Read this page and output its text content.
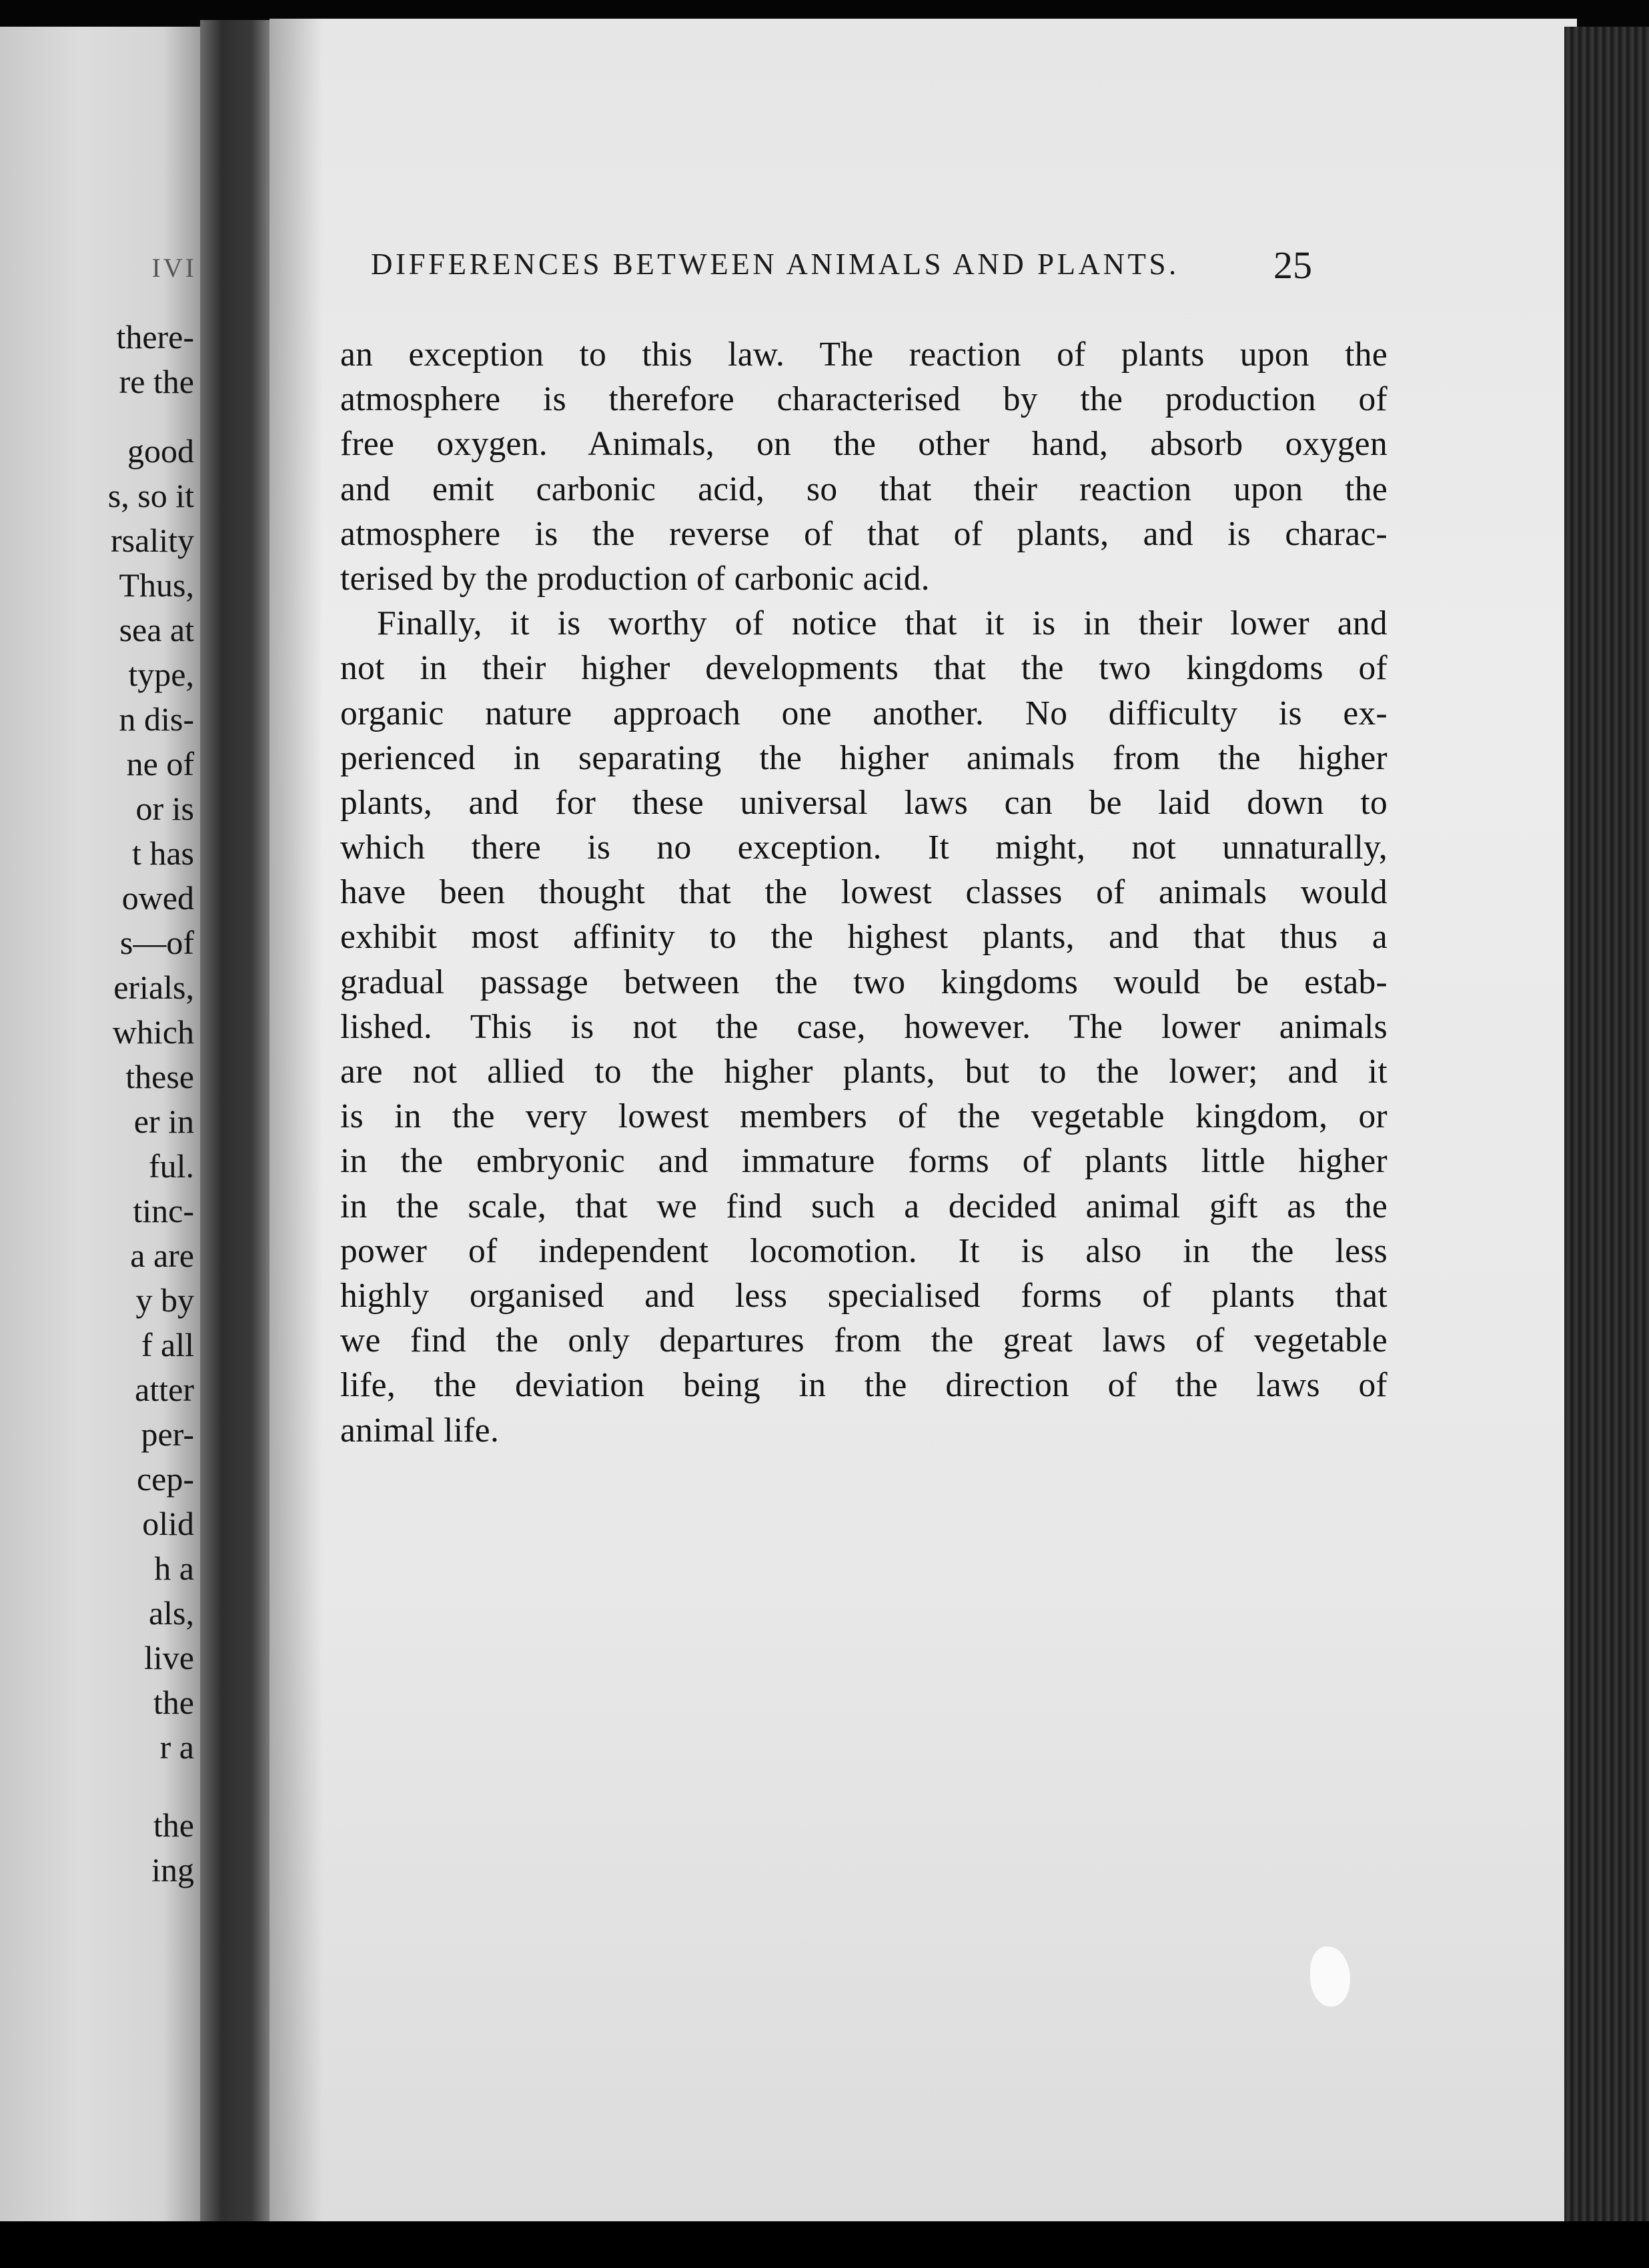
IVI
there-
re the
good
s, so it
rsality
Thus,
sea at
type,
n dis-
ne of
or is
t has
owed
s—of
erials,
which
these
er in
ful.
tinc-
a are
y by
f all
atter
per-
cep-
olid
h a
als,
live
the
r a
the
ing
DIFFERENCES BETWEEN ANIMALS AND PLANTS.	25
an exception to this law. The reaction of plants upon the
atmosphere is therefore characterised by the production of
free oxygen. Animals, on the other hand, absorb oxygen
and emit carbonic acid, so that their reaction upon the
atmosphere is the reverse of that of plants, and is charac-
terised by the production of carbonic acid.
Finally, it is worthy of notice that it is in their lower and
not in their higher developments that the two kingdoms of
organic nature approach one another. No difficulty is ex-
perienced in separating the higher animals from the higher
plants, and for these universal laws can be laid down to
which there is no exception. It might, not unnaturally,
have been thought that the lowest classes of animals would
exhibit most affinity to the highest plants, and that thus a
gradual passage between the two kingdoms would be estab-
lished. This is not the case, however. The lower animals
are not allied to the higher plants, but to the lower; and it
is in the very lowest members of the vegetable kingdom, or
in the embryonic and immature forms of plants little higher
in the scale, that we find such a decided animal gift as the
power of independent locomotion. It is also in the less
highly organised and less specialised forms of plants that
we find the only departures from the great laws of vegetable
life, the deviation being in the direction of the laws of
animal life.
